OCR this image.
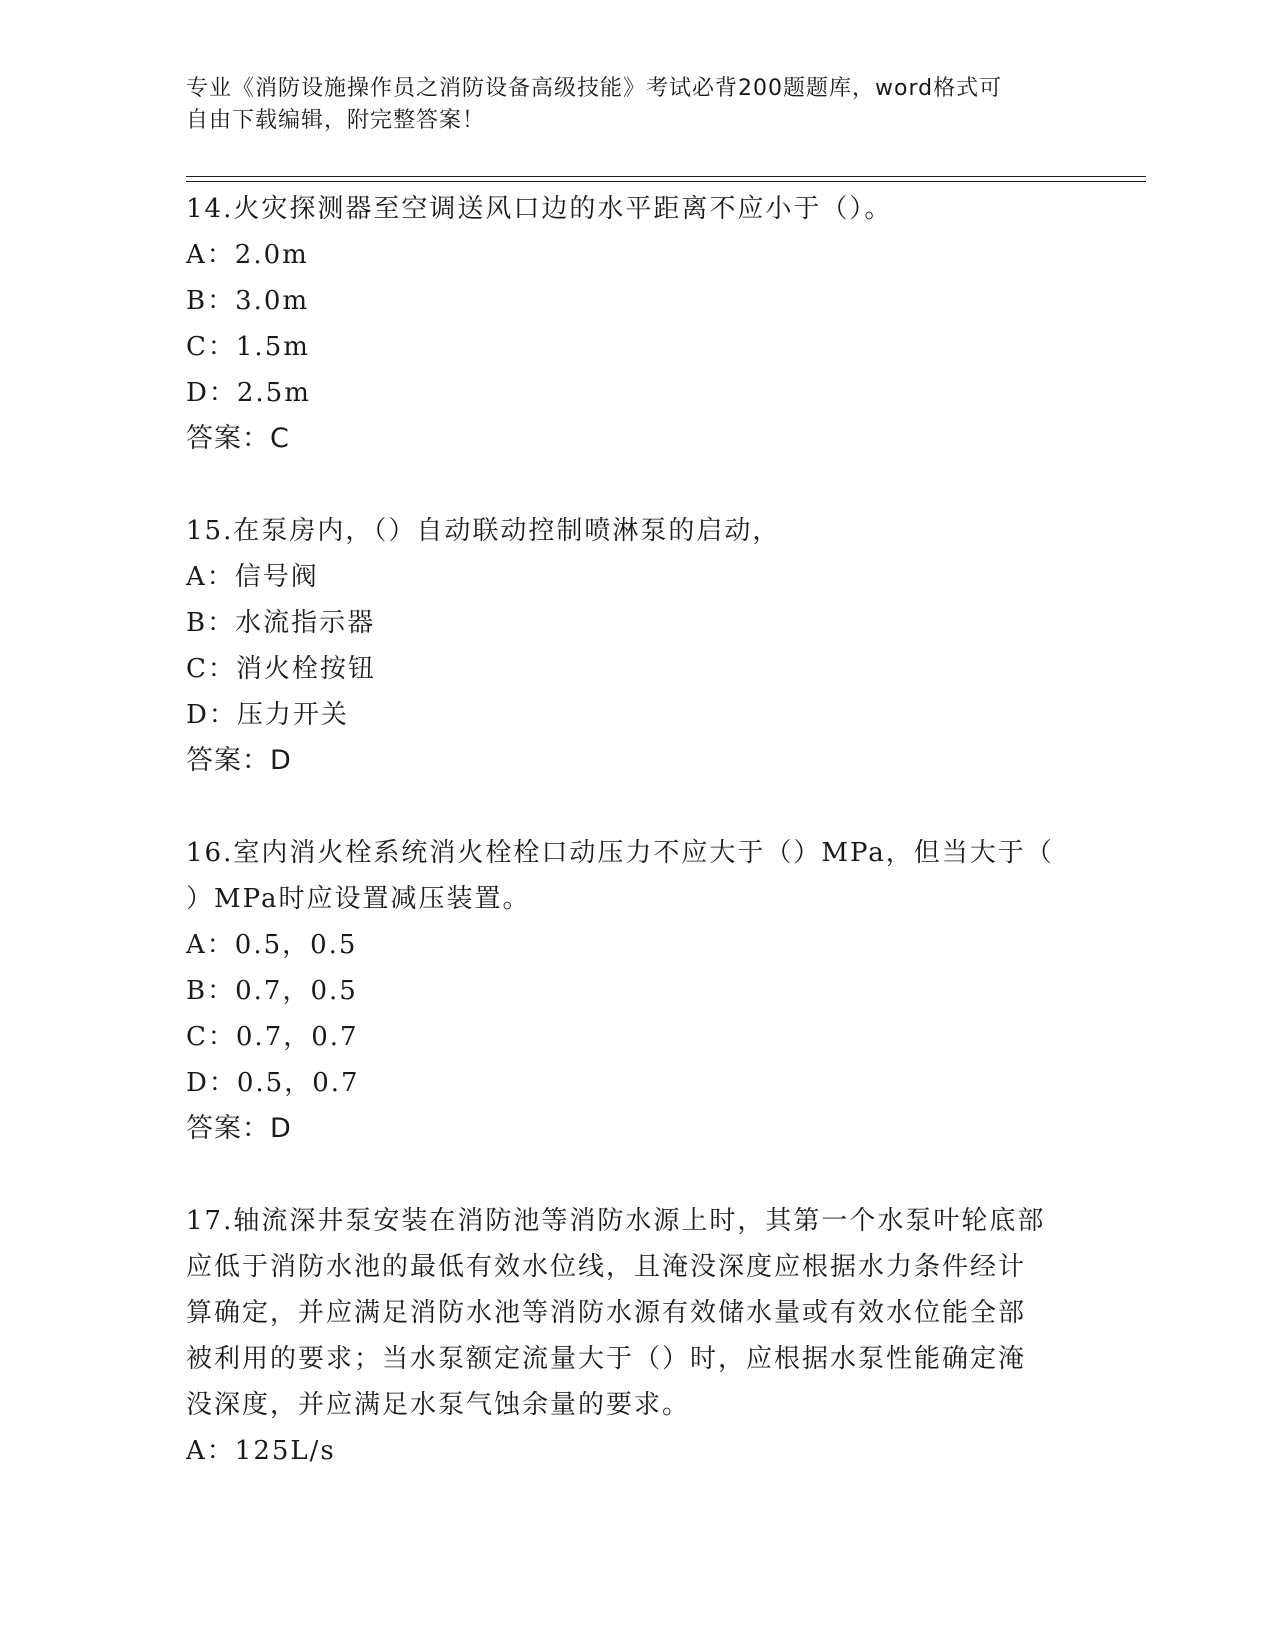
专业《消防设施操作员之消防设备高级技能》考试必背200题题库，word格式可
自由下载编辑，附完整答案！
14.火灾探测器至空调送风口边的水平距离不应小于（）。
A：2.0m
B：3.0m
C：1.5m
D：2.5m
答案：C
15.在泵房内，（）自动联动控制喷淋泵的启动，
A：信号阀
B：水流指示器
C：消火栓按钮
D：压力开关
答案：D
16.室内消火栓系统消火栓栓口动压力不应大于（）MPa，但当大于（
）MPa时应设置减压装置。
A：0.5，0.5
B：0.7，0.5
C：0.7，0.7
D：0.5，0.7
答案：D
17.轴流深井泵安装在消防池等消防水源上时，其第一个水泵叶轮底部
应低于消防水池的最低有效水位线，且淹没深度应根据水力条件经计
算确定，并应满足消防水池等消防水源有效储水量或有效水位能全部
被利用的要求；当水泵额定流量大于（）时，应根据水泵性能确定淹
没深度，并应满足水泵气蚀余量的要求。
A：125L/s
